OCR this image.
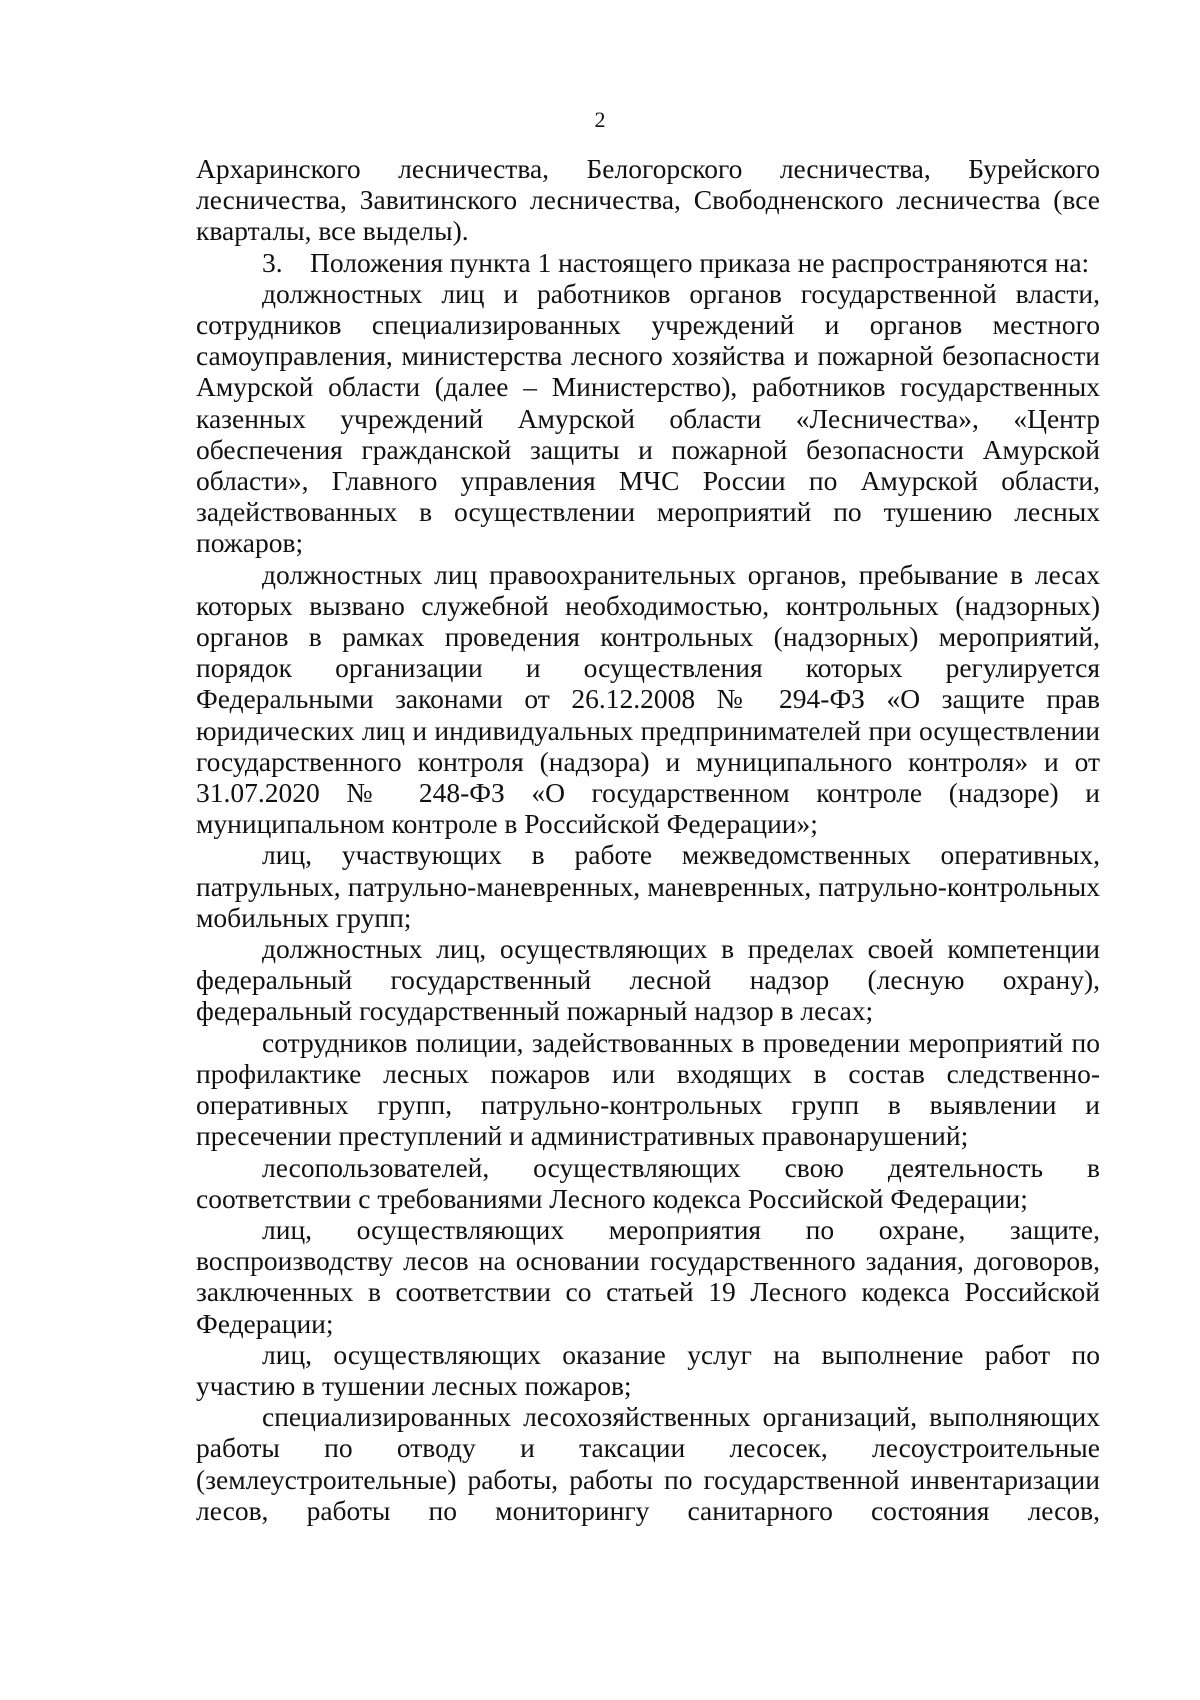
2

Архаринского лесничества, Белогорского лесничества, Бурейского лесничества, Завитинского лесничества, Свободненского лесничества (все кварталы, все выделы).

3. Положения пункта 1 настоящего приказа не распространяются на:

должностных лиц и работников органов государственной власти, сотрудников специализированных учреждений и органов местного самоуправления, министерства лесного хозяйства и пожарной безопасности Амурской области (далее – Министерство), работников государственных казенных учреждений Амурской области «Лесничества», «Центр обеспечения гражданской защиты и пожарной безопасности Амурской области», Главного управления МЧС России по Амурской области, задействованных в осуществлении мероприятий по тушению лесных пожаров;

должностных лиц правоохранительных органов, пребывание в лесах которых вызвано служебной необходимостью, контрольных (надзорных) органов в рамках проведения контрольных (надзорных) мероприятий, порядок организации и осуществления которых регулируется Федеральными законами от 26.12.2008 № 294-ФЗ «О защите прав юридических лиц и индивидуальных предпринимателей при осуществлении государственного контроля (надзора) и муниципального контроля» и от 31.07.2020 № 248-ФЗ «О государственном контроле (надзоре) и муниципальном контроле в Российской Федерации»;

лиц, участвующих в работе межведомственных оперативных, патрульных, патрульно-маневренных, маневренных, патрульно-контрольных мобильных групп;

должностных лиц, осуществляющих в пределах своей компетенции федеральный государственный лесной надзор (лесную охрану), федеральный государственный пожарный надзор в лесах;

сотрудников полиции, задействованных в проведении мероприятий по профилактике лесных пожаров или входящих в состав следственно-оперативных групп, патрульно-контрольных групп в выявлении и пресечении преступлений и административных правонарушений;

лесопользователей, осуществляющих свою деятельность в соответствии с требованиями Лесного кодекса Российской Федерации;

лиц, осуществляющих мероприятия по охране, защите, воспроизводству лесов на основании государственного задания, договоров, заключенных в соответствии со статьей 19 Лесного кодекса Российской Федерации;

лиц, осуществляющих оказание услуг на выполнение работ по участию в тушении лесных пожаров;

специализированных лесохозяйственных организаций, выполняющих работы по отводу и таксации лесосек, лесоустроительные (землеустроительные) работы, работы по государственной инвентаризации лесов, работы по мониторингу санитарного состояния лесов,
